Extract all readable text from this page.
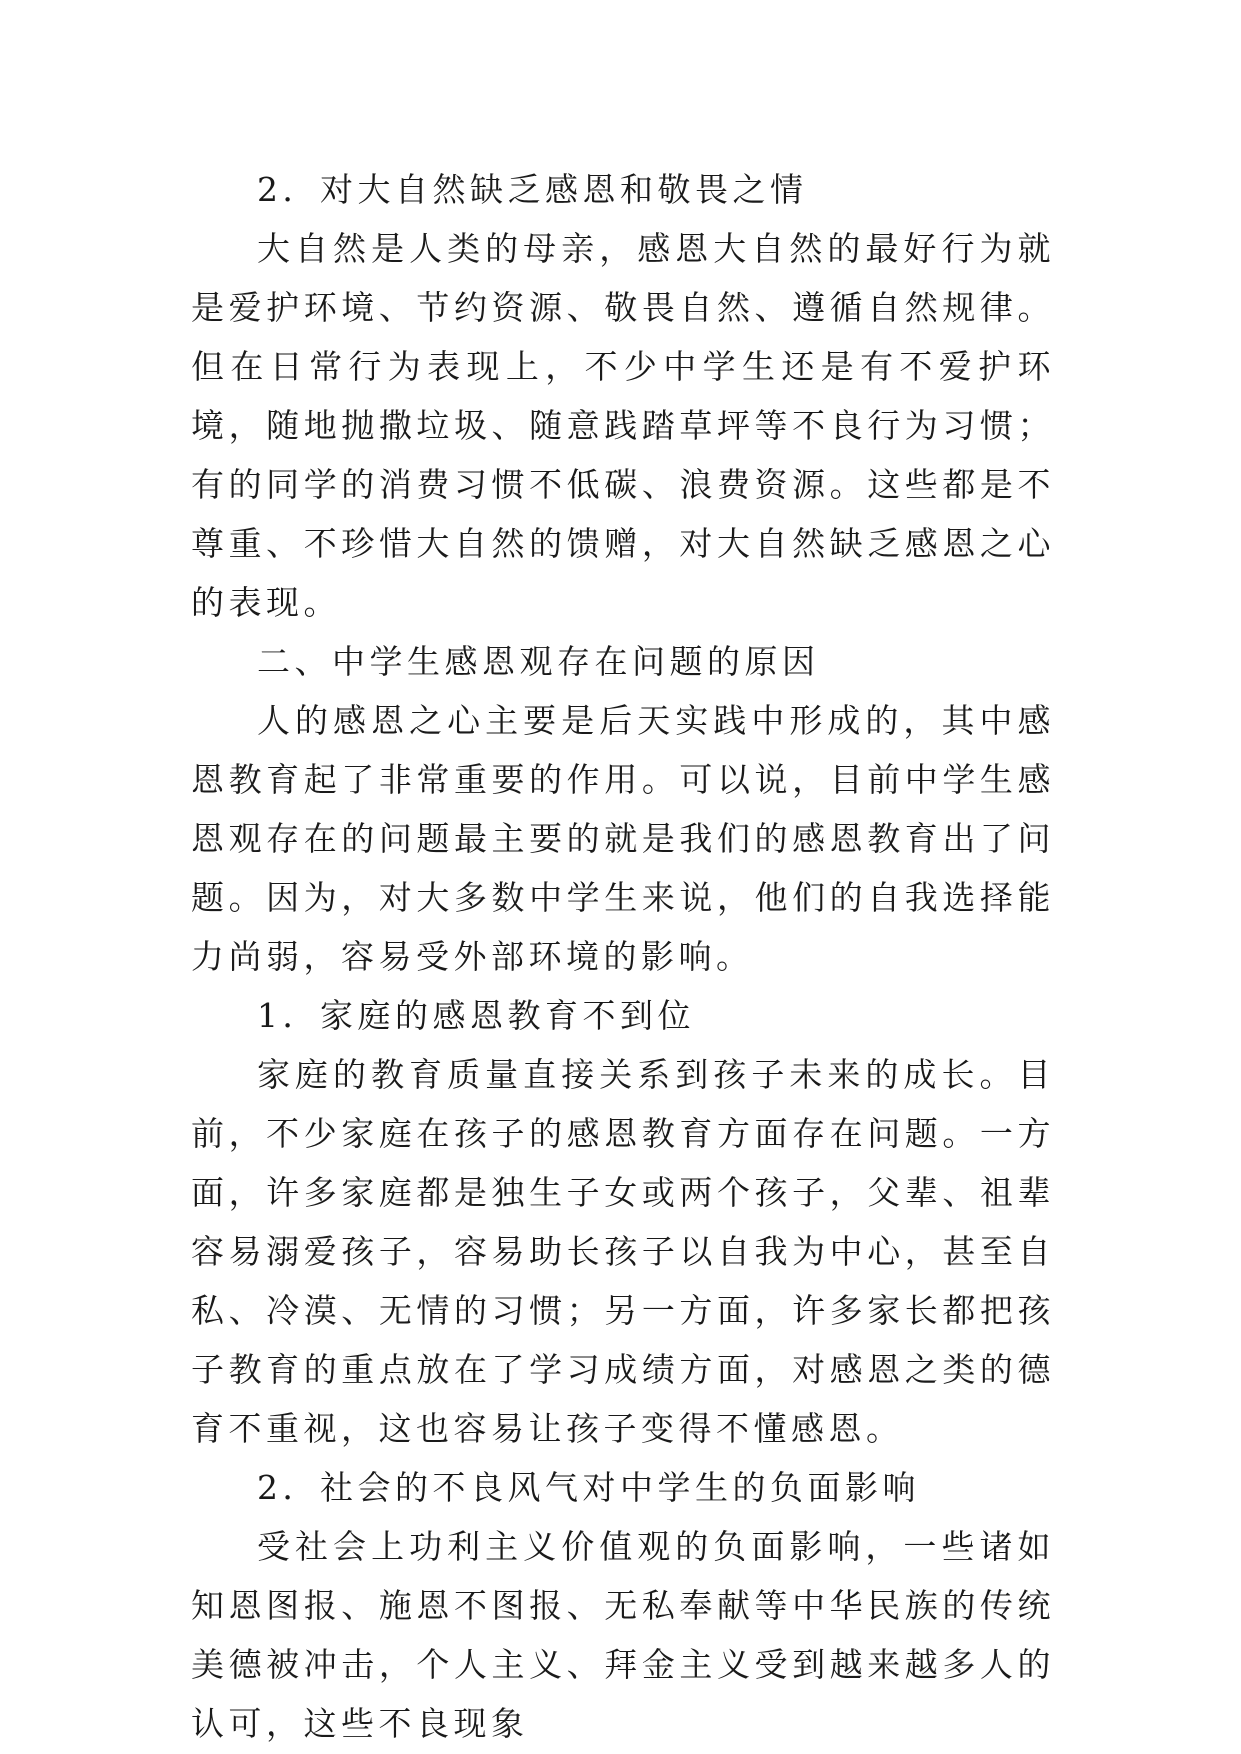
2．对大自然缺乏感恩和敬畏之情

大自然是人类的母亲，感恩大自然的最好行为就是爱护环境、节约资源、敬畏自然、遵循自然规律。但在日常行为表现上，不少中学生还是有不爱护环境，随地抛撒垃圾、随意践踏草坪等不良行为习惯；有的同学的消费习惯不低碳、浪费资源。这些都是不尊重、不珍惜大自然的馈赠，对大自然缺乏感恩之心的表现。

二、中学生感恩观存在问题的原因

人的感恩之心主要是后天实践中形成的，其中感恩教育起了非常重要的作用。可以说，目前中学生感恩观存在的问题最主要的就是我们的感恩教育出了问题。因为，对大多数中学生来说，他们的自我选择能力尚弱，容易受外部环境的影响。

1．家庭的感恩教育不到位

家庭的教育质量直接关系到孩子未来的成长。目前，不少家庭在孩子的感恩教育方面存在问题。一方面，许多家庭都是独生子女或两个孩子，父辈、祖辈容易溺爱孩子，容易助长孩子以自我为中心，甚至自私、冷漠、无情的习惯；另一方面，许多家长都把孩子教育的重点放在了学习成绩方面，对感恩之类的德育不重视，这也容易让孩子变得不懂感恩。

2．社会的不良风气对中学生的负面影响

受社会上功利主义价值观的负面影响，一些诸如知恩图报、施恩不图报、无私奉献等中华民族的传统美德被冲击，个人主义、拜金主义受到越来越多人的认可，这些不良现象
